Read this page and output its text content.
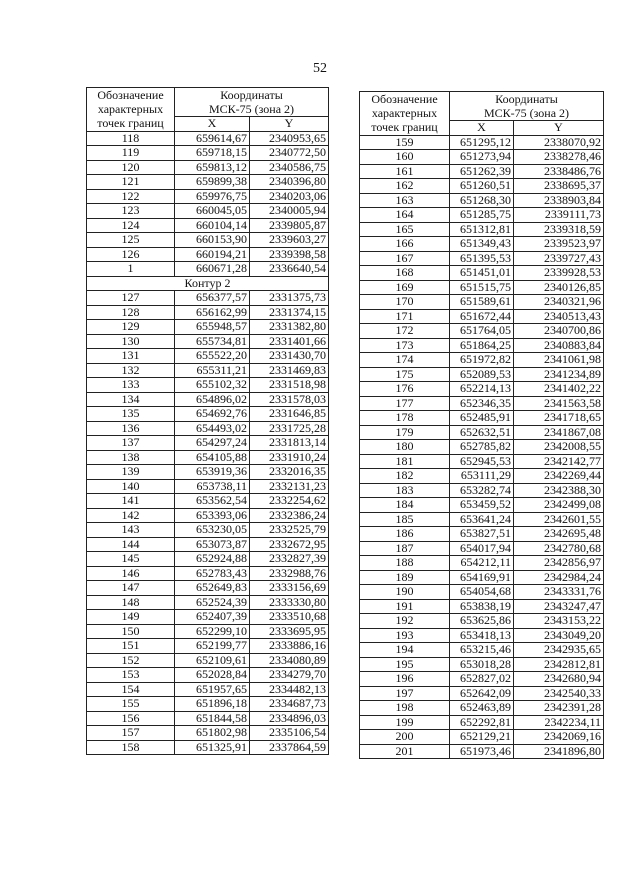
52
Обозначение
характерных
точек границ	Координаты
МСК-75 (зона 2)	
	X	Y
118	659614,67	2340953,65
119	659718,15	2340772,50
120	659813,12	2340586,75
121	659899,38	2340396,80
122	659976,75	2340203,06
123	660045,05	2340005,94
124	660104,14	2339805,87
125	660153,90	2339603,27
126	660194,21	2339398,58
1	660671,28	2336640,54
Контур 2		
127	656377,57	2331375,73
128	656162,99	2331374,15
129	655948,57	2331382,80
130	655734,81	2331401,66
131	655522,20	2331430,70
132	655311,21	2331469,83
133	655102,32	2331518,98
134	654896,02	2331578,03
135	654692,76	2331646,85
136	654493,02	2331725,28
137	654297,24	2331813,14
138	654105,88	2331910,24
139	653919,36	2332016,35
140	653738,11	2332131,23
141	653562,54	2332254,62
142	653393,06	2332386,24
143	653230,05	2332525,79
144	653073,87	2332672,95
145	652924,88	2332827,39
146	652783,43	2332988,76
147	652649,83	2333156,69
148	652524,39	2333330,80
149	652407,39	2333510,68
150	652299,10	2333695,95
151	652199,77	2333886,16
152	652109,61	2334080,89
153	652028,84	2334279,70
154	651957,65	2334482,13
155	651896,18	2334687,73
156	651844,58	2334896,03
157	651802,98	2335106,54
158	651325,91	2337864,59
Обозначение
характерных
точек границ	Координаты
МСК-75 (зона 2)	
	X	Y
159	651295,12	2338070,92
160	651273,94	2338278,46
161	651262,39	2338486,76
162	651260,51	2338695,37
163	651268,30	2338903,84
164	651285,75	2339111,73
165	651312,81	2339318,59
166	651349,43	2339523,97
167	651395,53	2339727,43
168	651451,01	2339928,53
169	651515,75	2340126,85
170	651589,61	2340321,96
171	651672,44	2340513,43
172	651764,05	2340700,86
173	651864,25	2340883,84
174	651972,82	2341061,98
175	652089,53	2341234,89
176	652214,13	2341402,22
177	652346,35	2341563,58
178	652485,91	2341718,65
179	652632,51	2341867,08
180	652785,82	2342008,55
181	652945,53	2342142,77
182	653111,29	2342269,44
183	653282,74	2342388,30
184	653459,52	2342499,08
185	653641,24	2342601,55
186	653827,51	2342695,48
187	654017,94	2342780,68
188	654212,11	2342856,97
189	654169,91	2342984,24
190	654054,68	2343331,76
191	653838,19	2343247,47
192	653625,86	2343153,22
193	653418,13	2343049,20
194	653215,46	2342935,65
195	653018,28	2342812,81
196	652827,02	2342680,94
197	652642,09	2342540,33
198	652463,89	2342391,28
199	652292,81	2342234,11
200	652129,21	2342069,16
201	651973,46	2341896,80
